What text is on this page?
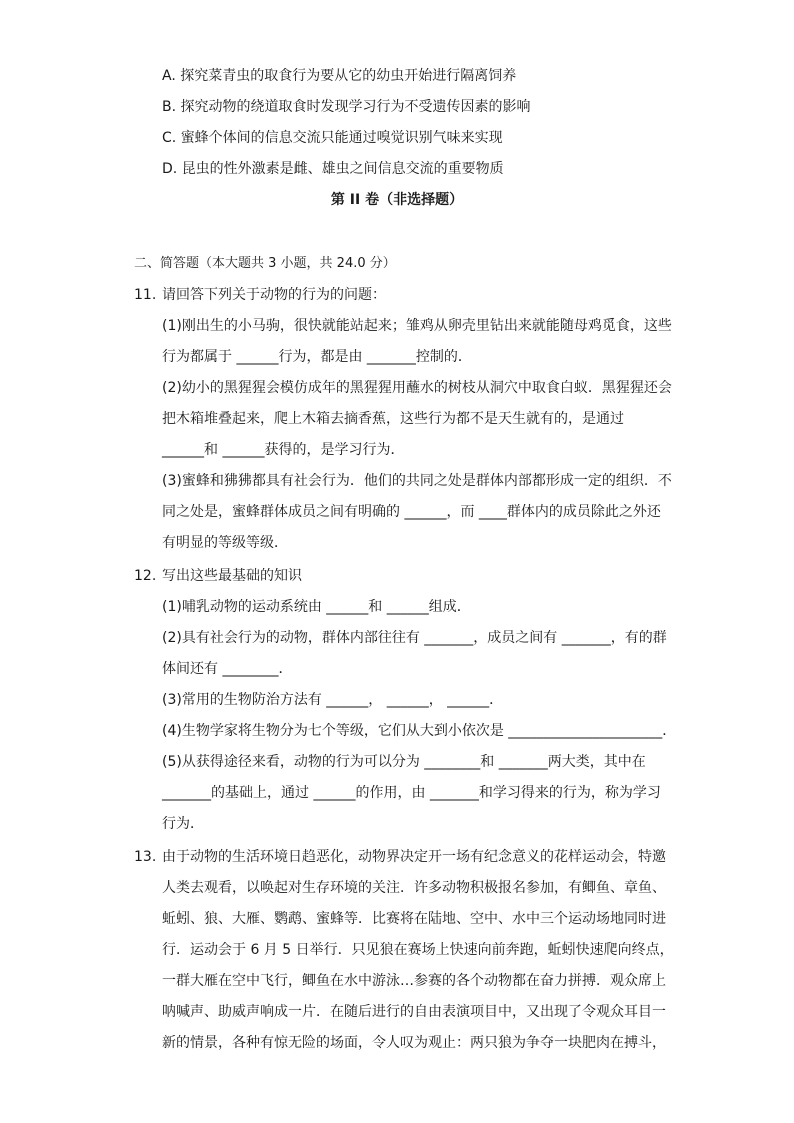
A. 探究菜青虫的取食行为要从它的幼虫开始进行隔离饲养
B. 探究动物的绕道取食时发现学习行为不受遗传因素的影响
C. 蜜蜂个体间的信息交流只能通过嗅觉识别气味来实现
D. 昆虫的性外激素是雌、雄虫之间信息交流的重要物质
第 II 卷（非选择题）
二、简答题（本大题共 3 小题，共 24.0 分）
11. 请回答下列关于动物的行为的问题：
(1)刚出生的小马驹，很快就能站起来；雏鸡从卵壳里钻出来就能随母鸡觅食，这些
行为都属于 ______行为，都是由 _______控制的．
(2)幼小的黑猩猩会模仿成年的黑猩猩用蘸水的树枝从洞穴中取食白蚁．黑猩猩还会
把木箱堆叠起来，爬上木箱去摘香蕉，这些行为都不是天生就有的，是通过
______和 ______获得的，是学习行为．
(3)蜜蜂和狒狒都具有社会行为．他们的共同之处是群体内部都形成一定的组织．不
同之处是，蜜蜂群体成员之间有明确的 ______，而 ____群体内的成员除此之外还
有明显的等级等级．
12. 写出这些最基础的知识
(1)哺乳动物的运动系统由 ______和 ______组成．
(2)具有社会行为的动物，群体内部往往有 _______，成员之间有 _______，有的群
体间还有 ________．
(3)常用的生物防治方法有 ______， ______， ______．
(4)生物学家将生物分为七个等级，它们从大到小依次是 ______________________．
(5)从获得途径来看，动物的行为可以分为 ________和 _______两大类，其中在
_______的基础上，通过 ______的作用，由 _______和学习得来的行为，称为学习
行为．
13. 由于动物的生活环境日趋恶化，动物界决定开一场有纪念意义的花样运动会，特邀
人类去观看，以唤起对生存环境的关注．许多动物积极报名参加，有鲫鱼、章鱼、
蚯蚓、狼、大雁、鹦鹉、蜜蜂等．比赛将在陆地、空中、水中三个运动场地同时进
行．运动会于 6 月 5 日举行．只见狼在赛场上快速向前奔跑，蚯蚓快速爬向终点，
一群大雁在空中飞行，鲫鱼在水中游泳…参赛的各个动物都在奋力拼搏．观众席上
呐喊声、助威声响成一片．在随后进行的自由表演项目中，又出现了令观众耳目一
新的情景，各种有惊无险的场面，令人叹为观止：两只狼为争夺一块肥肉在搏斗，
